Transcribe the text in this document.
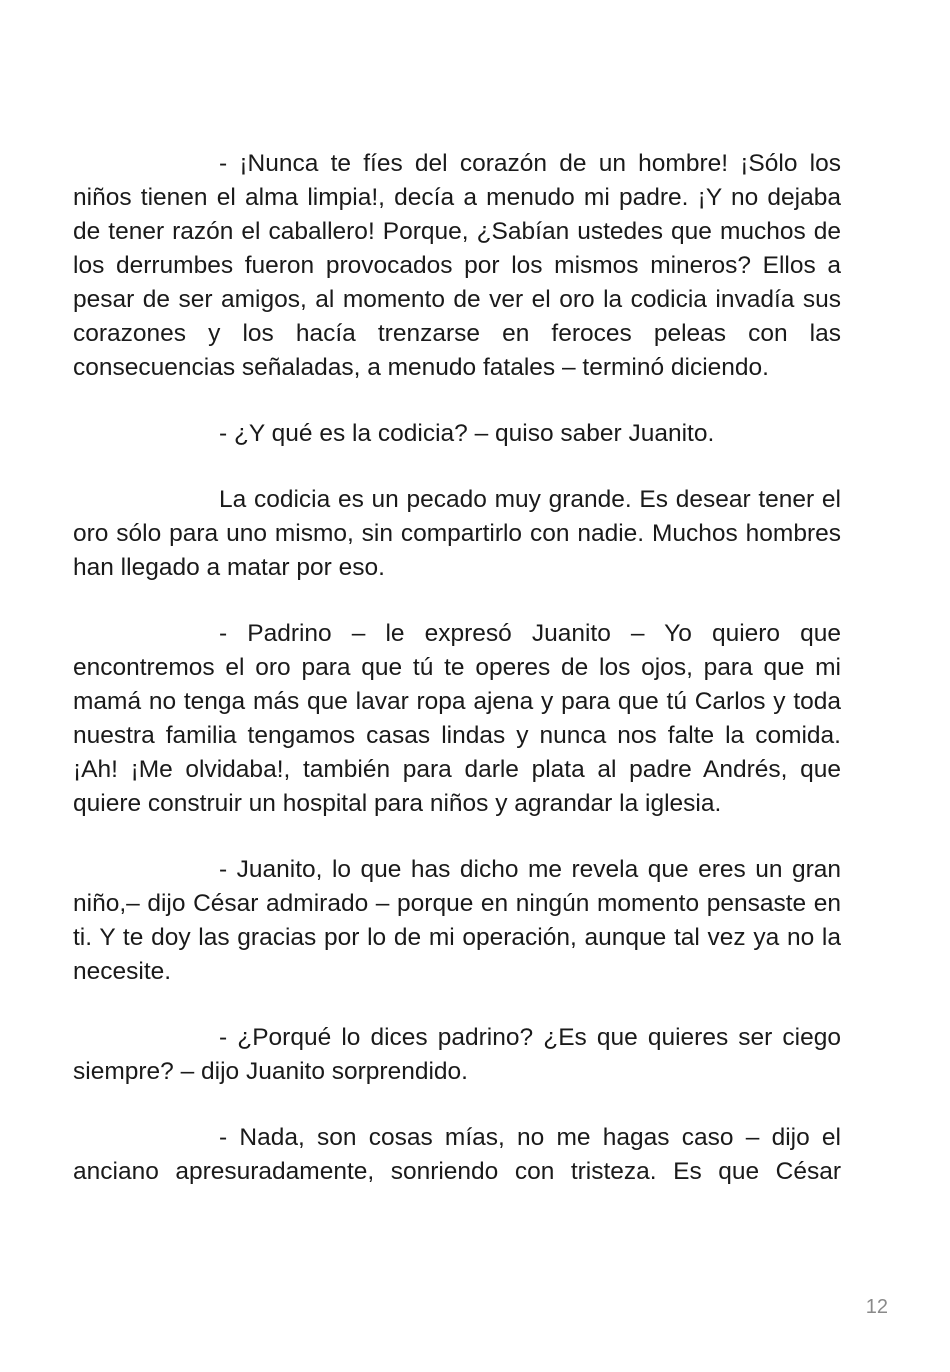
- ¡Nunca te fíes del corazón de un hombre! ¡Sólo los niños tienen el alma limpia!, decía a menudo mi padre. ¡Y no dejaba de tener razón el caballero! Porque, ¿Sabían ustedes que muchos de los derrumbes fueron provocados por los mismos mineros? Ellos a pesar de ser amigos, al momento de ver el oro la codicia invadía sus corazones y los hacía trenzarse en feroces peleas con las consecuencias señaladas, a menudo fatales – terminó diciendo.

- ¿Y qué es la codicia? – quiso saber Juanito.

La codicia es un pecado muy grande. Es desear tener el oro sólo para uno mismo, sin compartirlo con nadie. Muchos hombres han llegado a matar por eso.

- Padrino – le expresó Juanito – Yo quiero que encontremos el oro para que tú te operes de los ojos, para que mi mamá no tenga más que lavar ropa ajena y para que tú Carlos y toda nuestra familia tengamos casas lindas y nunca nos falte la comida. ¡Ah! ¡Me olvidaba!, también para darle plata al padre Andrés, que quiere construir un hospital para niños y agrandar la iglesia.

- Juanito, lo que has dicho me revela que eres un gran niño,– dijo César admirado – porque en ningún momento pensaste en ti. Y te doy las gracias por lo de mi operación, aunque tal vez ya no la necesite.

- ¿Porqué lo dices padrino? ¿Es que quieres ser ciego siempre? – dijo Juanito sorprendido.

- Nada, son cosas mías, no me hagas caso – dijo el anciano apresuradamente, sonriendo con tristeza. Es que César

12
